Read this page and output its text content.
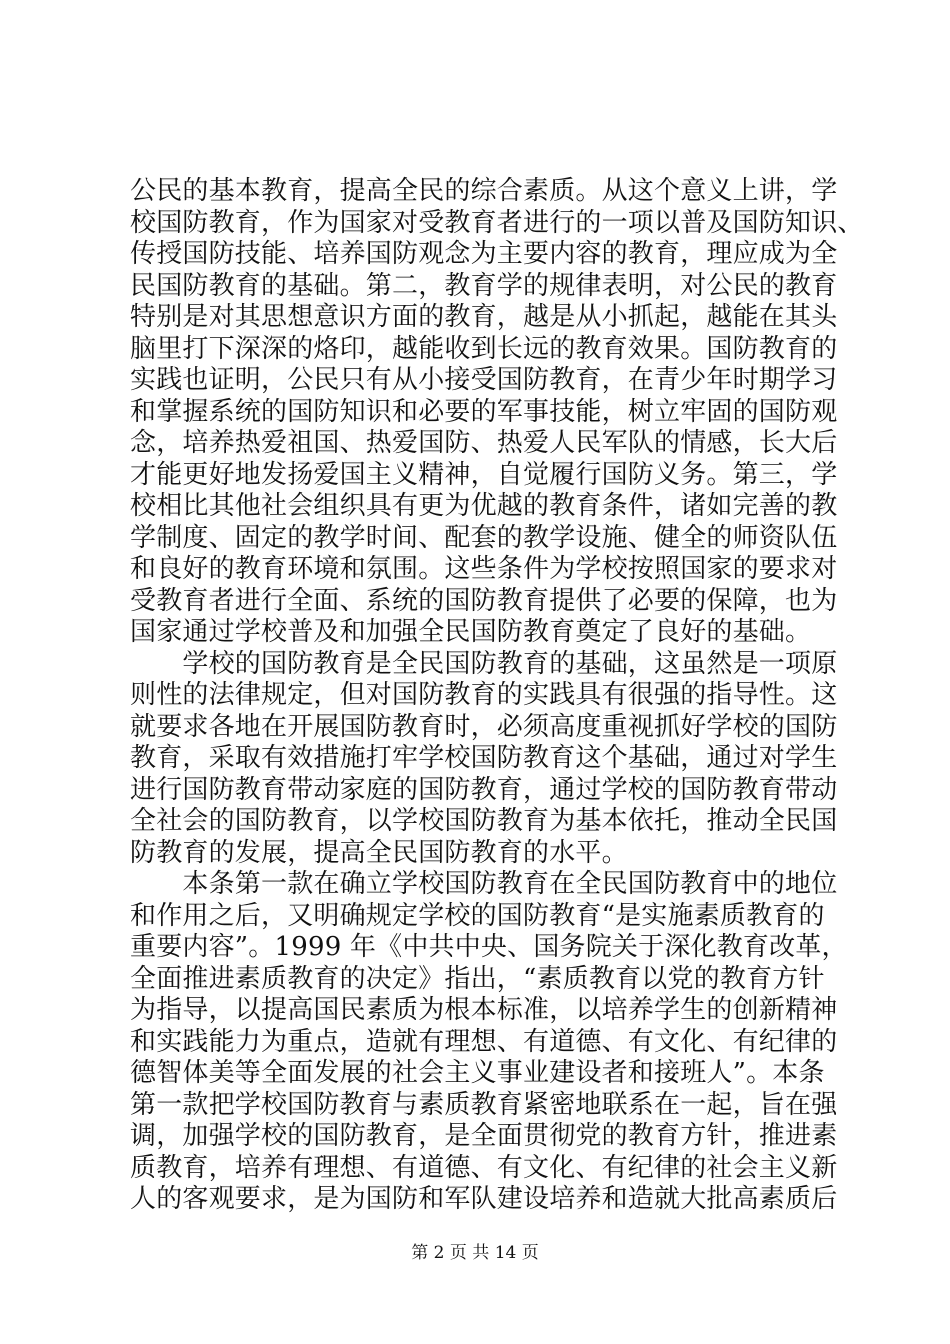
公民的基本教育，提高全民的综合素质。从这个意义上讲，学
校国防教育，作为国家对受教育者进行的一项以普及国防知识、
传授国防技能、培养国防观念为主要内容的教育，理应成为全
民国防教育的基础。第二，教育学的规律表明，对公民的教育
特别是对其思想意识方面的教育，越是从小抓起，越能在其头
脑里打下深深的烙印，越能收到长远的教育效果。国防教育的
实践也证明，公民只有从小接受国防教育，在青少年时期学习
和掌握系统的国防知识和必要的军事技能，树立牢固的国防观
念，培养热爱祖国、热爱国防、热爱人民军队的情感，长大后
才能更好地发扬爱国主义精神，自觉履行国防义务。第三，学
校相比其他社会组织具有更为优越的教育条件，诸如完善的教
学制度、固定的教学时间、配套的教学设施、健全的师资队伍
和良好的教育环境和氛围。这些条件为学校按照国家的要求对
受教育者进行全面、系统的国防教育提供了必要的保障，也为
国家通过学校普及和加强全民国防教育奠定了良好的基础。
　　学校的国防教育是全民国防教育的基础，这虽然是一项原
则性的法律规定，但对国防教育的实践具有很强的指导性。这
就要求各地在开展国防教育时，必须高度重视抓好学校的国防
教育，采取有效措施打牢学校国防教育这个基础，通过对学生
进行国防教育带动家庭的国防教育，通过学校的国防教育带动
全社会的国防教育，以学校国防教育为基本依托，推动全民国
防教育的发展，提高全民国防教育的水平。
　　本条第一款在确立学校国防教育在全民国防教育中的地位
和作用之后，又明确规定学校的国防教育“是实施素质教育的
重要内容”。1999 年《中共中央、国务院关于深化教育改革，
全面推进素质教育的决定》指出，“素质教育以党的教育方针
为指导，以提高国民素质为根本标准，以培养学生的创新精神
和实践能力为重点，造就有理想、有道德、有文化、有纪律的
德智体美等全面发展的社会主义事业建设者和接班人”。本条
第一款把学校国防教育与素质教育紧密地联系在一起，旨在强
调，加强学校的国防教育，是全面贯彻党的教育方针，推进素
质教育，培养有理想、有道德、有文化、有纪律的社会主义新
人的客观要求，是为国防和军队建设培养和造就大批高素质后
第 2 页 共 14 页
